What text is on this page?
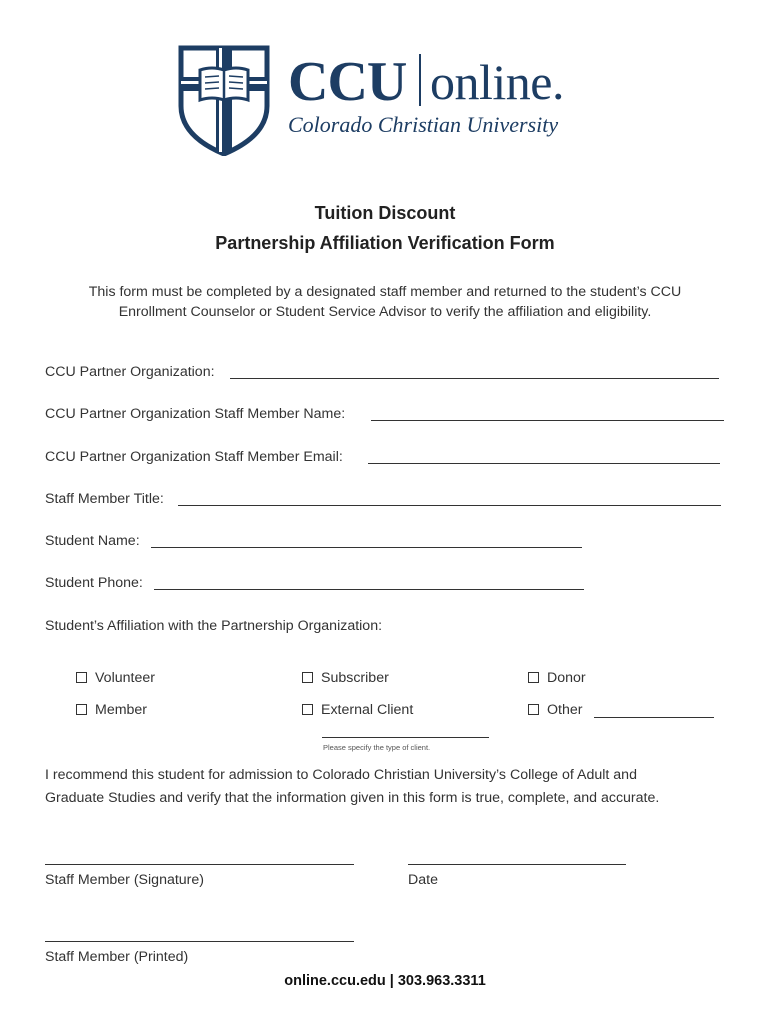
CCU online.
Colorado Christian University
Tuition Discount
Partnership Affiliation Verification Form
This form must be completed by a designated staff member and returned to the student’s CCU
Enrollment Counselor or Student Service Advisor to verify the affiliation and eligibility.
CCU Partner Organization:
CCU Partner Organization Staff Member Name:
CCU Partner Organization Staff Member Email:
Staff Member Title:
Student Name:
Student Phone:
Student’s Affiliation with the Partnership Organization:
Volunteer	Subscriber	Donor
Member	External Client	Other
Please specify the type of client.
I recommend this student for admission to Colorado Christian University’s College of Adult and
Graduate Studies and verify that the information given in this form is true, complete, and accurate.
Staff Member (Signature)	Date
Staff Member (Printed)
online.ccu.edu | 303.963.3311
